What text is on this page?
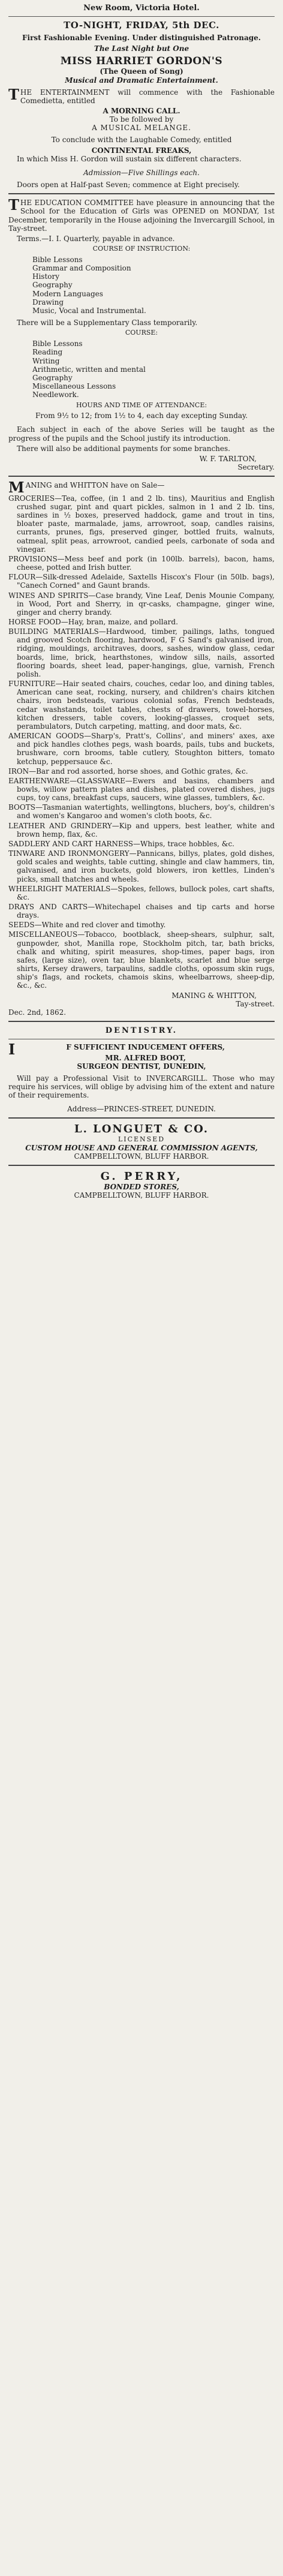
New Room, Victoria Hotel.
TO-NIGHT, FRIDAY, 5th DEC.
First Fashionable Evening. Under distinguished Patronage.
The Last Night but One
MISS HARRIET GORDON'S
(The Queen of Song)
Musical and Dramatic Entertainment.

THE ENTERTAINMENT will commence with the Fashionable Comedietta, entitled

A MORNING CALL.
To be followed by
A MUSICAL MELANGE.

To conclude with the Laughable Comedy, entitled

CONTINENTAL FREAKS,

In which Miss H. Gordon will sustain six different characters.

Admission—Five Shillings each.

Doors open at Half-past Seven; commence at Eight precisely.

THE EDUCATION COMMITTEE have pleasure in announcing that the School for the Education of Girls was OPENED on MONDAY, 1st December, temporarily in the House adjoining the Invercargill School, in Tay-street.

Terms.—I. I. Quarterly, payable in advance.

COURSE OF INSTRUCTION:
Bible Lessons
Grammar and Composition
History
Geography
Modern Languages
Drawing
Music, Vocal and Instrumental.

There will be a Supplementary Class temporarily.

COURSE:
Bible Lessons
Reading
Writing
Arithmetic, written and mental
Geography
Miscellaneous Lessons
Needlework.
HOURS AND TIME OF ATTENDANCE:

From 9½ to 12; from 1½ to 4, each day excepting Sunday.

Each subject in each of the above Series will be taught as the progress of the pupils and the School justify its introduction.

There will also be additional payments for some branches.

W. F. TARLTON,
Secretary.

MANING and WHITTON have on Sale—

GROCERIES—Tea, coffee, (in 1 and 2 lb. tins), Mauritius and English crushed sugar, pint and quart pickles, salmon in 1 and 2 lb. tins, sardines in ½ boxes, preserved haddock, game and trout in tins, bloater paste, marmalade, jams, arrowroot, soap, candles raisins, currants, prunes, figs, preserved ginger, bottled fruits, walnuts, oatmeal, split peas, arrowroot, candied peels, carbonate of soda and vinegar.
PROVISIONS—Mess beef and pork (in 100lb. barrels), bacon, hams, cheese, potted and Irish butter.
FLOUR—Silk-dressed Adelaide, Saxtells Hiscox's Flour (in 50lb. bags), "Canech Corned" and Gaunt brands.
WINES AND SPIRITS—Case brandy, Vine Leaf, Denis Mounie Company, in Wood, Port and Sherry, in qr-casks, champagne, ginger wine, ginger and cherry brandy.
HORSE FOOD—Hay, bran, maize, and pollard.
BUILDING MATERIALS—Hardwood, timber, pailings, laths, tongued and grooved Scotch flooring, hardwood, F G Sand's galvanised iron, ridging, mouldings, architraves, doors, sashes, window glass, cedar boards, lime, brick, hearthstones, window sills, nails, assorted flooring boards, sheet lead, paper-hangings, glue, varnish, French polish.
FURNITURE—Hair seated chairs, couches, cedar loo, and dining tables, American cane seat, rocking, nursery, and children's chairs kitchen chairs, iron bedsteads, various colonial sofas, French bedsteads, cedar washstands, toilet tables, chests of drawers, towel-horses, kitchen dressers, table covers, looking-glasses, croquet sets, perambulators, Dutch carpeting, matting, and door mats, &c.
AMERICAN GOODS—Sharp's, Pratt's, Collins', and miners' axes, axe and pick handles clothes pegs, wash boards, pails, tubs and buckets, brushware, corn brooms, table cutlery, Stoughton bitters, tomato ketchup, peppersauce &c.
IRON—Bar and rod assorted, horse shoes, and Gothic grates, &c.
EARTHENWARE—GLASSWARE—Ewers and basins, chambers and bowls, willow pattern plates and dishes, plated covered dishes, jugs cups, toy cans, breakfast cups, saucers, wine glasses, tumblers, &c.
BOOTS—Tasmanian watertights, wellingtons, bluchers, boy's, children's and women's Kangaroo and women's cloth boots, &c.
LEATHER AND GRINDERY—Kip and uppers, best leather, white and brown hemp, flax, &c.
SADDLERY AND CART HARNESS—Whips, trace hobbles, &c.
TINWARE AND IRONMONGERY—Pannicans, billys, plates, gold dishes, gold scales and weights, table cutting, shingle and claw hammers, tin, galvanised, and iron buckets, gold blowers, iron kettles, Linden's picks, small thatches and wheels.
WHEELRIGHT MATERIALS—Spokes, fellows, bullock poles, cart shafts, &c.
DRAYS AND CARTS—Whitechapel chaises and tip carts and horse drays.
SEEDS—White and red clover and timothy.
MISCELLANEOUS—Tobacco, bootblack, sheep-shears, sulphur, salt, gunpowder, shot, Manilla rope, Stockholm pitch, tar, bath bricks, chalk and whiting, spirit measures, shop-times, paper bags, iron safes, (large size), oven tar, blue blankets, scarlet and blue serge shirts, Kersey drawers, tarpaulins, saddle cloths, opossum skin rugs, ship's flags, and rockets, chamois skins, wheelbarrows, sheep-dip, &c., &c.
MANING & WHITTON,
Tay-street.
Dec. 2nd, 1862.
DENTISTRY.

IF SUFFICIENT INDUCEMENT OFFERS,

MR. ALFRED BOOT,
SURGEON DENTIST, DUNEDIN,

Will pay a Professional Visit to INVERCARGILL. Those who may require his services, will oblige by advising him of the extent and nature of their requirements.

Address—PRINCES-STREET, DUNEDIN.
L. LONGUET & CO.
LICENSED
CUSTOM HOUSE AND GENERAL COMMISSION AGENTS,
CAMPBELLTOWN, BLUFF HARBOR.
G. PERRY,
BONDED STORES,
CAMPBELLTOWN, BLUFF HARBOR.
